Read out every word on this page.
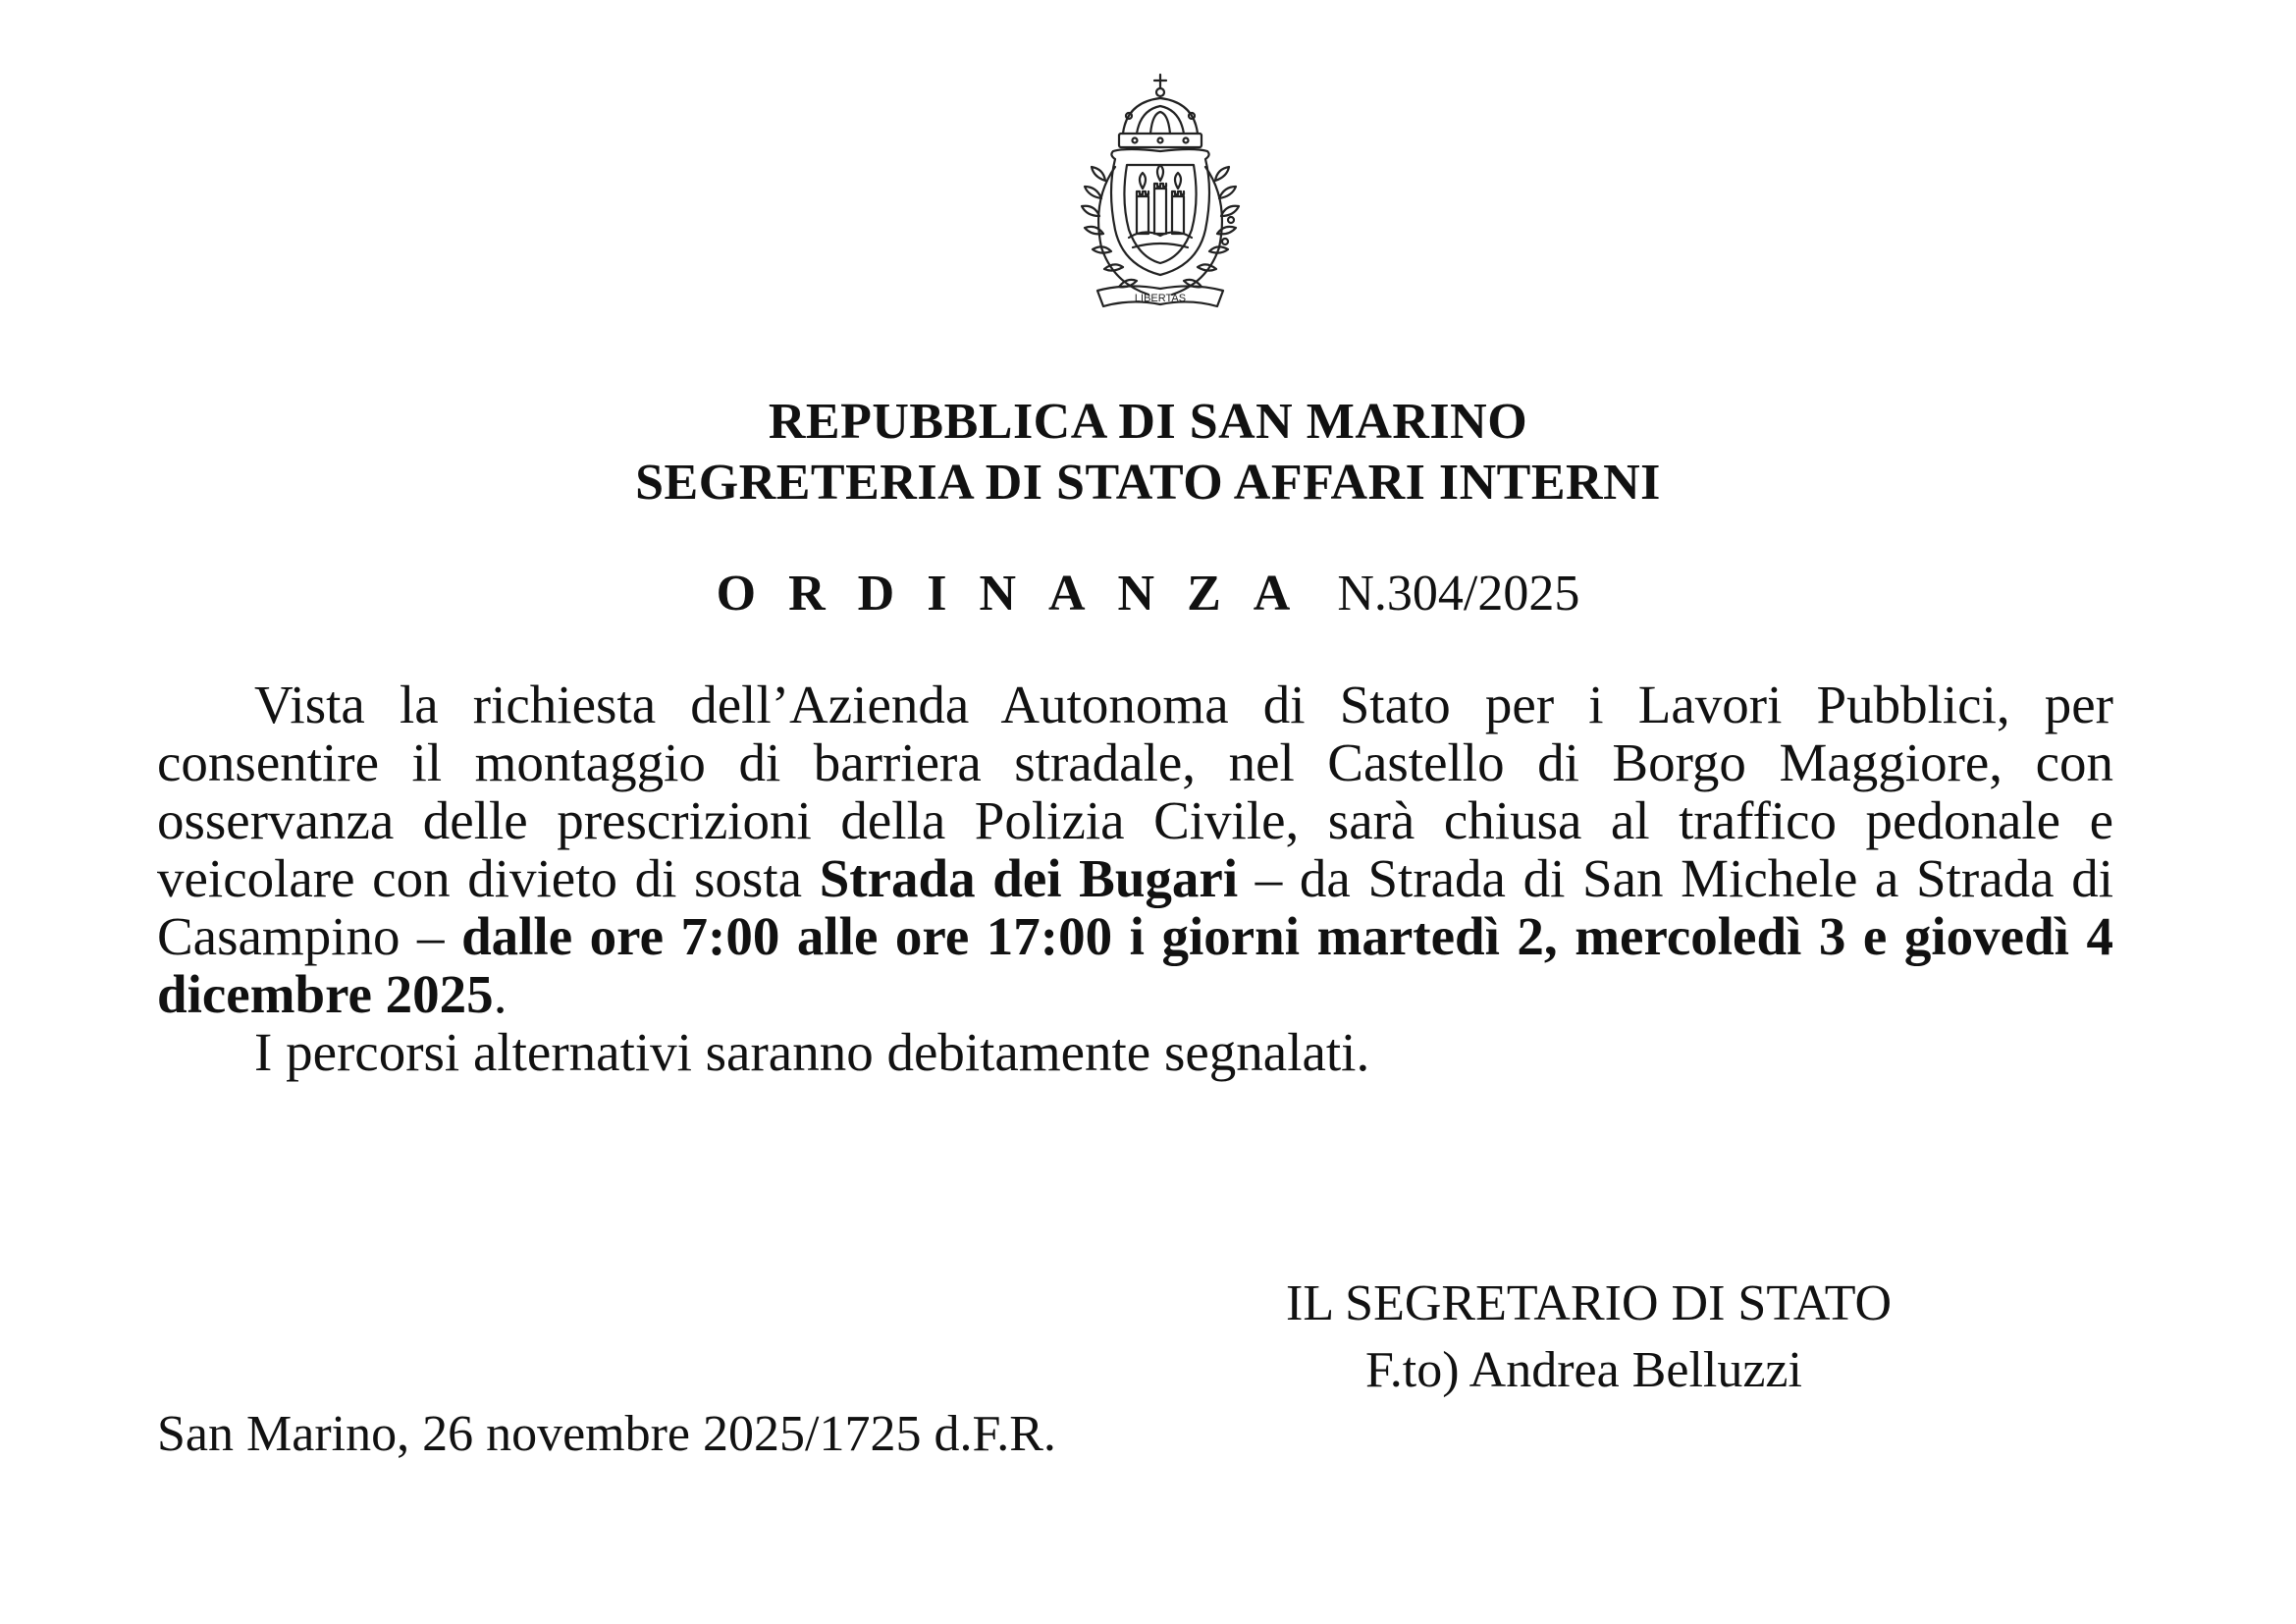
LIBERTAS
REPUBBLICA DI SAN MARINO
SEGRETERIA DI STATO AFFARI INTERNI
ORDINANZA N.304/2025

Vista la richiesta dell’Azienda Autonoma di Stato per i Lavori Pubblici, per consentire il montaggio di barriera stradale, nel Castello di Borgo Maggiore, con osservanza delle prescrizioni della Polizia Civile, sarà chiusa al traffico pedonale e veicolare con divieto di sosta Strada dei Bugari – da Strada di San Michele a Strada di Casampino – dalle ore 7:00 alle ore 17:00 i giorni martedì 2, mercoledì 3 e giovedì 4 dicembre 2025.

I percorsi alternativi saranno debitamente segnalati.

IL SEGRETARIO DI STATO
F.to) Andrea Belluzzi
San Marino, 26 novembre 2025/1725 d.F.R.
